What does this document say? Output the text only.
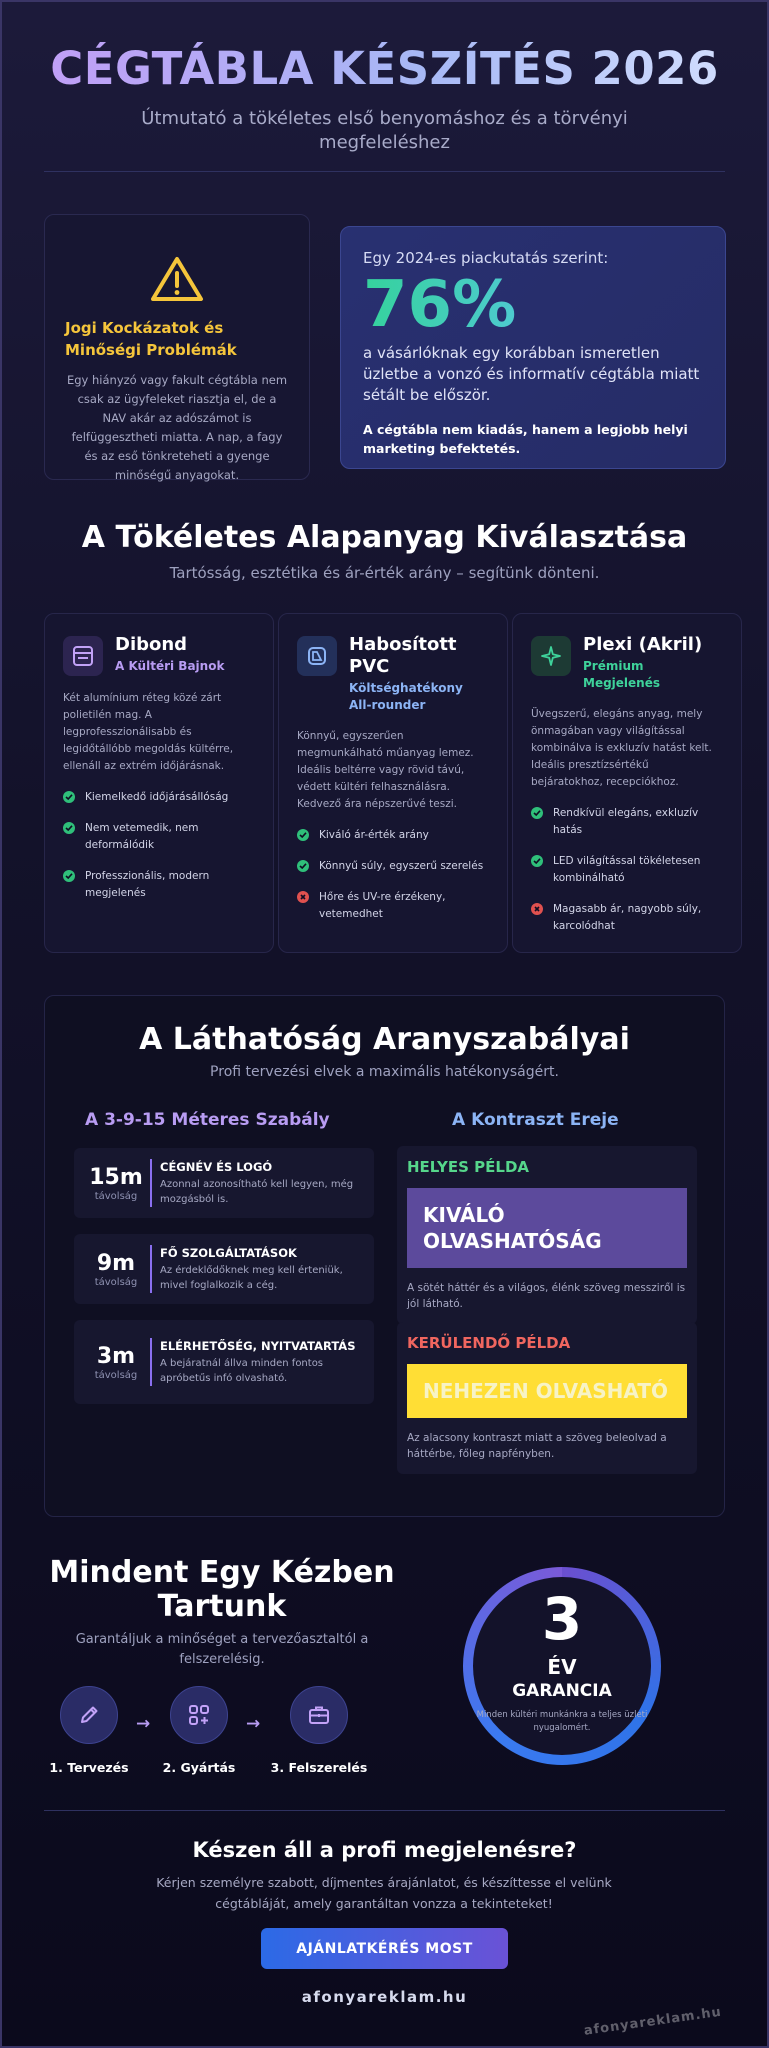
CÉGTÁBLA KÉSZÍTÉS 2026

Útmutató a tökéletes első benyomáshoz és a törvényi megfeleléshez

Jogi Kockázatok és Minőségi Problémák

Egy hiányzó vagy fakult cégtábla nem csak az ügyfeleket riasztja el, de a NAV akár az adószámot is felfüggesztheti miatta. A nap, a fagy és az eső tönkreteheti a gyenge minőségű anyagokat.

Egy 2024-es piackutatás szerint:
76%

a vásárlóknak egy korábban ismeretlen üzletbe a vonzó és informatív cégtábla miatt sétált be először.

A cégtábla nem kiadás, hanem a legjobb helyi marketing befektetés.

A Tökéletes Alapanyag Kiválasztása

Tartósság, esztétika és ár-érték arány – segítünk dönteni.

Dibond
A Kültéri Bajnok

Két alumínium réteg közé zárt polietilén mag. A legprofesszionálisabb és legidőtállóbb megoldás kültérre, ellenáll az extrém időjárásnak.

Kiemelkedő időjárásállóság
Nem vetemedik, nem deformálódik
Professzionális, modern megjelenés
Habosított PVC
Költséghatékony All-rounder

Könnyű, egyszerűen megmunkálható műanyag lemez. Ideális beltérre vagy rövid távú, védett kültéri felhasználásra. Kedvező ára népszerűvé teszi.

Kiváló ár-érték arány
Könnyű súly, egyszerű szerelés
Hőre és UV-re érzékeny, vetemedhet
Plexi (Akril)
Prémium Megjelenés

Üvegszerű, elegáns anyag, mely önmagában vagy világítással kombinálva is exkluzív hatást kelt. Ideális presztízsértékű bejáratokhoz, recepciókhoz.

Rendkívül elegáns, exkluzív hatás
LED világítással tökéletesen kombinálható
Magasabb ár, nagyobb súly, karcolódhat
A Láthatóság Aranyszabályai

Profi tervezési elvek a maximális hatékonyságért.

A 3-9-15 Méteres Szabály	A Kontraszt Ereje
15m
távolság
CÉGNÉV ÉS LOGÓ
Azonnal azonosítható kell legyen, még mozgásból is.
9m
távolság
FŐ SZOLGÁLTATÁSOK
Az érdeklődőknek meg kell érteniük, mivel foglalkozik a cég.
3m
távolság
ELÉRHETŐSÉG, NYITVATARTÁS
A bejáratnál állva minden fontos apróbetűs infó olvasható.
HELYES PÉLDA
KIVÁLÓ OLVASHATÓSÁG

A sötét háttér és a világos, élénk szöveg messziről is jól látható.

KERÜLENDŐ PÉLDA
NEHEZEN OLVASHATÓ

Az alacsony kontraszt miatt a szöveg beleolvad a háttérbe, főleg napfényben.

Mindent Egy Kézben Tartunk

Garantáljuk a minőséget a tervezőasztaltól a felszerelésig.

1. Tervezés
→
2. Gyártás
→
3. Felszerelés
3
ÉV
GARANCIA
Minden kültéri munkánkra a teljes üzleti nyugalomért.
Készen áll a profi megjelenésre?

Kérjen személyre szabott, díjmentes árajánlatot, és készíttesse el velünk cégtábláját, amely garantáltan vonzza a tekinteteket!

AJÁNLATKÉRÉS MOST
afonyareklam.hu
afonyareklam.hu
